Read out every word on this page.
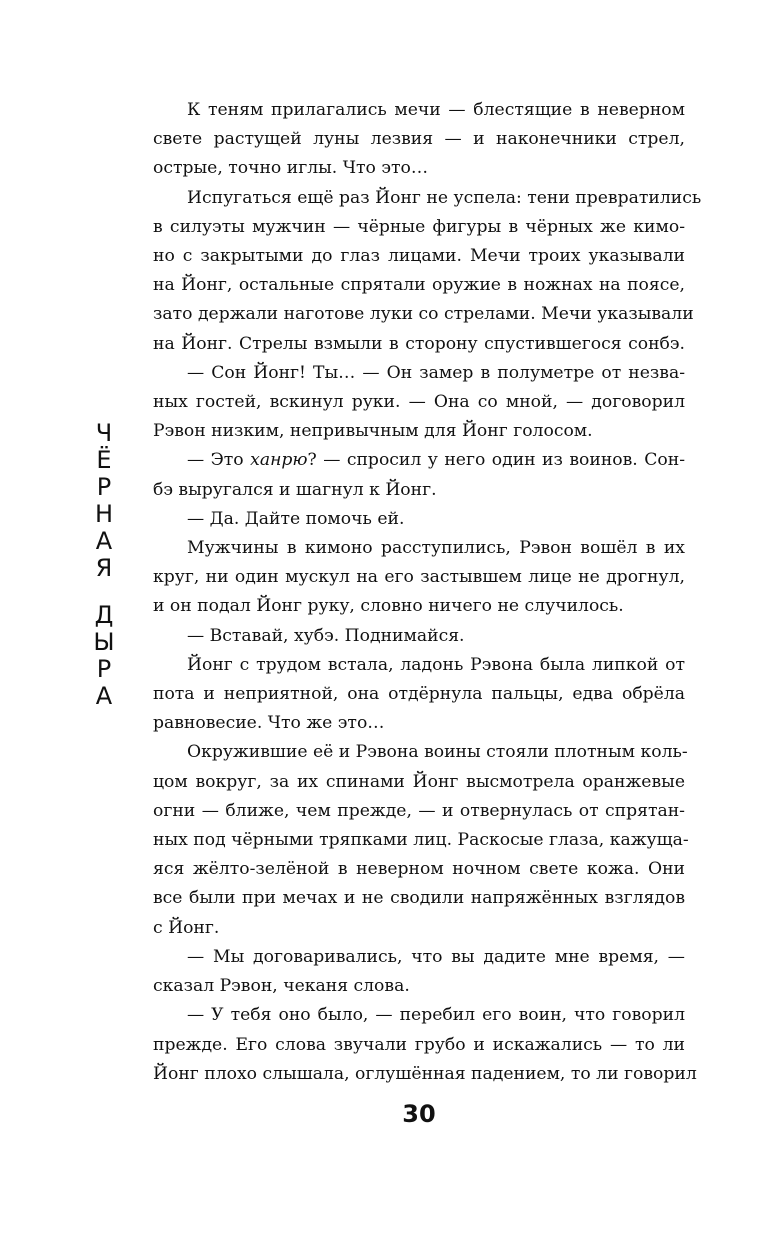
Ч
Ё
Р
Н
А
Я
Д
Ы
Р
А

К теням прилагались мечи — блестящие в неверном
свете растущей луны лезвия — и наконечники стрел,
острые, точно иглы. Что это…

Испугаться ещё раз Йонг не успела: тени превратились
в силуэты мужчин — чёрные фигуры в чёрных же кимо-
но с закрытыми до глаз лицами. Мечи троих указывали
на Йонг, остальные спрятали оружие в ножнах на поясе,
зато держали наготове луки со стрелами. Мечи указывали
на Йонг. Стрелы взмыли в сторону спустившегося сонбэ.

— Сон Йонг! Ты… — Он замер в полуметре от незва-
ных гостей, вскинул руки. — Она со мной, — договорил
Рэвон низким, непривычным для Йонг голосом.

— Это ханрю? — спросил у него один из воинов. Сон-
бэ выругался и шагнул к Йонг.

— Да. Дайте помочь ей.

Мужчины в кимоно расступились, Рэвон вошёл в их
круг, ни один мускул на его застывшем лице не дрогнул,
и он подал Йонг руку, словно ничего не случилось.

— Вставай, хубэ. Поднимайся.

Йонг с трудом встала, ладонь Рэвона была липкой от
пота и неприятной, она отдёрнула пальцы, едва обрёла
равновесие. Что же это…

Окружившие её и Рэвона воины стояли плотным коль-
цом вокруг, за их спинами Йонг высмотрела оранжевые
огни — ближе, чем прежде, — и отвернулась от спрятан-
ных под чёрными тряпками лиц. Раскосые глаза, кажуща-
яся жёлто-зелёной в неверном ночном свете кожа. Они
все были при мечах и не сводили напряжённых взглядов
с Йонг.

— Мы договаривались, что вы дадите мне время, —
сказал Рэвон, чеканя слова.

— У тебя оно было, — перебил его воин, что говорил
прежде. Его слова звучали грубо и искажались — то ли
Йонг плохо слышала, оглушённая падением, то ли говорил

30
